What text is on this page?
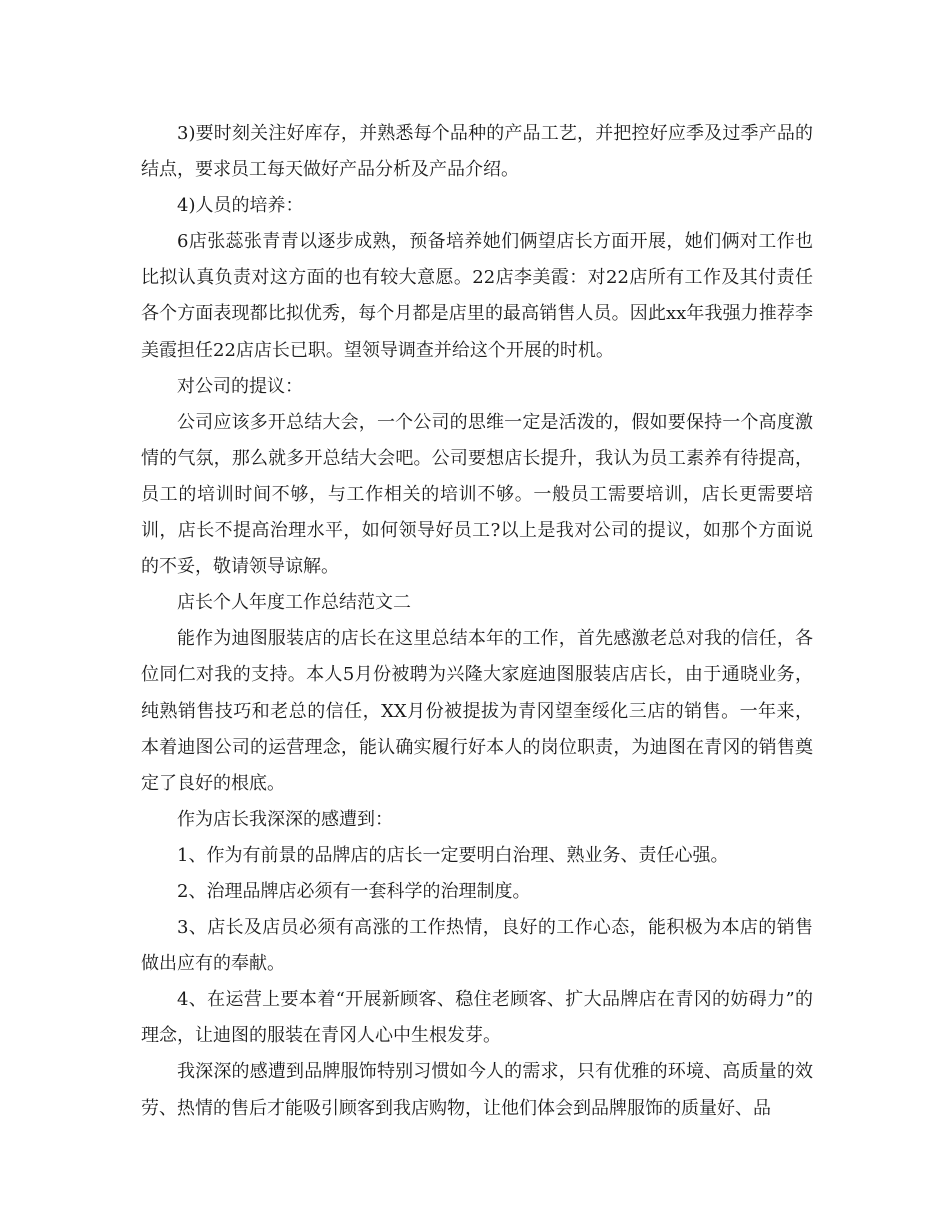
3)要时刻关注好库存，并熟悉每个品种的产品工艺，并把控好应季及过季产品的结点，要求员工每天做好产品分析及产品介绍。

4)人员的培养：

6店张蕊张青青以逐步成熟，预备培养她们俩望店长方面开展，她们俩对工作也比拟认真负责对这方面的也有较大意愿。22店李美霞：对22店所有工作及其付责任各个方面表现都比拟优秀，每个月都是店里的最高销售人员。因此xx年我强力推荐李美霞担任22店店长已职。望领导调查并给这个开展的时机。

对公司的提议：

公司应该多开总结大会，一个公司的思维一定是活泼的，假如要保持一个高度激情的气氛，那么就多开总结大会吧。公司要想店长提升，我认为员工素养有待提高，员工的培训时间不够，与工作相关的培训不够。一般员工需要培训，店长更需要培训，店长不提高治理水平，如何领导好员工?以上是我对公司的提议，如那个方面说的不妥，敬请领导谅解。

店长个人年度工作总结范文二

能作为迪图服装店的店长在这里总结本年的工作，首先感激老总对我的信任，各位同仁对我的支持。本人5月份被聘为兴隆大家庭迪图服装店店长，由于通晓业务，纯熟销售技巧和老总的信任，XX月份被提拔为青冈望奎绥化三店的销售。一年来，本着迪图公司的运营理念，能认确实履行好本人的岗位职责，为迪图在青冈的销售奠定了良好的根底。

作为店长我深深的感遭到：

1、作为有前景的品牌店的店长一定要明白治理、熟业务、责任心强。

2、治理品牌店必须有一套科学的治理制度。

3、店长及店员必须有高涨的工作热情，良好的工作心态，能积极为本店的销售做出应有的奉献。

4、在运营上要本着“开展新顾客、稳住老顾客、扩大品牌店在青冈的妨碍力”的理念，让迪图的服装在青冈人心中生根发芽。

我深深的感遭到品牌服饰特别习惯如今人的需求，只有优雅的环境、高质量的效劳、热情的售后才能吸引顾客到我店购物，让他们体会到品牌服饰的质量好、品
